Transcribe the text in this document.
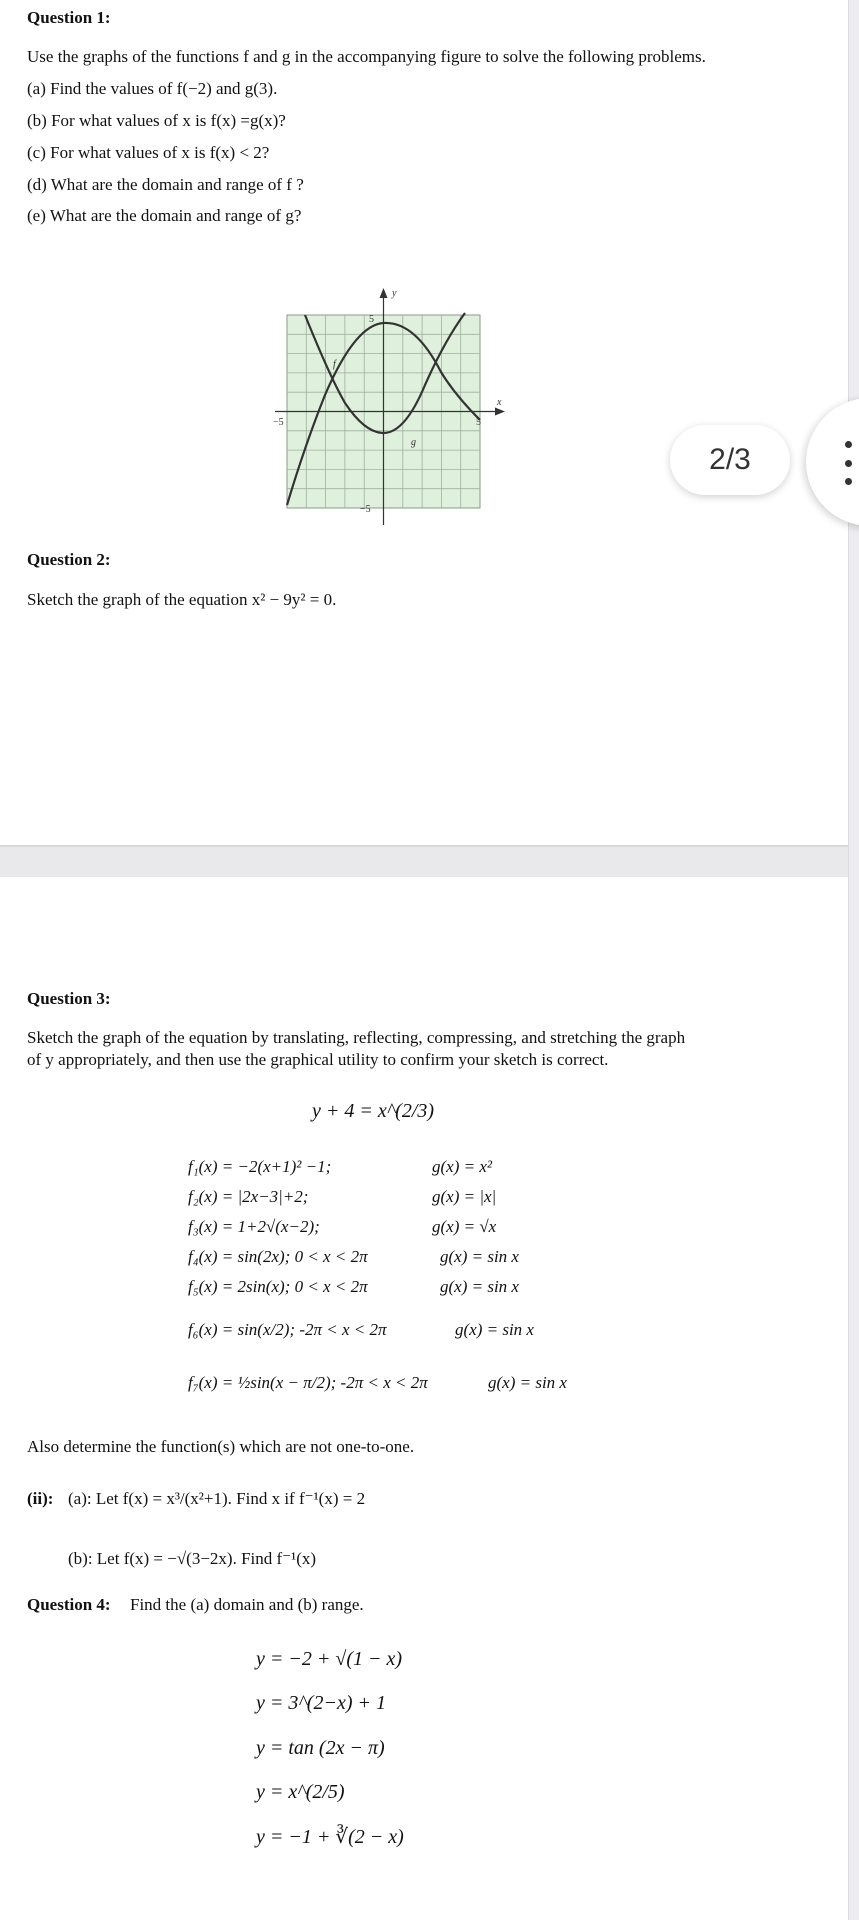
Question 1:
Use the graphs of the functions f and g in the accompanying figure to solve the following problems.
(a) Find the values of f(−2) and g(3).
(b) For what values of x is f(x) =g(x)?
(c) For what values of x is f(x) < 2?
(d) What are the domain and range of f ?
(e) What are the domain and range of g?
y
x
5
−5
−5	5
f
g
Question 2:
Sketch the graph of the equation x² − 9y² = 0.
Question 3:
Sketch the graph of the equation by translating, reflecting, compressing, and stretching the graph
of y appropriately, and then use the graphical utility to confirm your sketch is correct.
y + 4 = x^(2/3)
f₁(x) = −2(x+1)² −1;	g(x) = x²
f₂(x) = |2x−3|+2;	g(x) = |x|
f₃(x) = 1+2√(x−2);	g(x) = √x
f₄(x) = sin(2x); 0 < x < 2π	g(x) = sin x
f₅(x) = 2sin(x); 0 < x < 2π	g(x) = sin x
f₆(x) = sin(x/2); -2π < x < 2π	g(x) = sin x
f₇(x) = ½sin(x − π/2); -2π < x < 2π	g(x) = sin x
Also determine the function(s) which are not one-to-one.
(ii): (a): Let f(x) = x³/(x²+1). Find x if f⁻¹(x) = 2
(b): Let f(x) = −√(3−2x). Find f⁻¹(x)
Question 4: Find the (a) domain and (b) range.
y = −2 + √(1 − x)
y = 3^(2−x) + 1
y = tan (2x − π)
y = x^(2/5)
y = −1 + ∛(2 − x)
2/3
